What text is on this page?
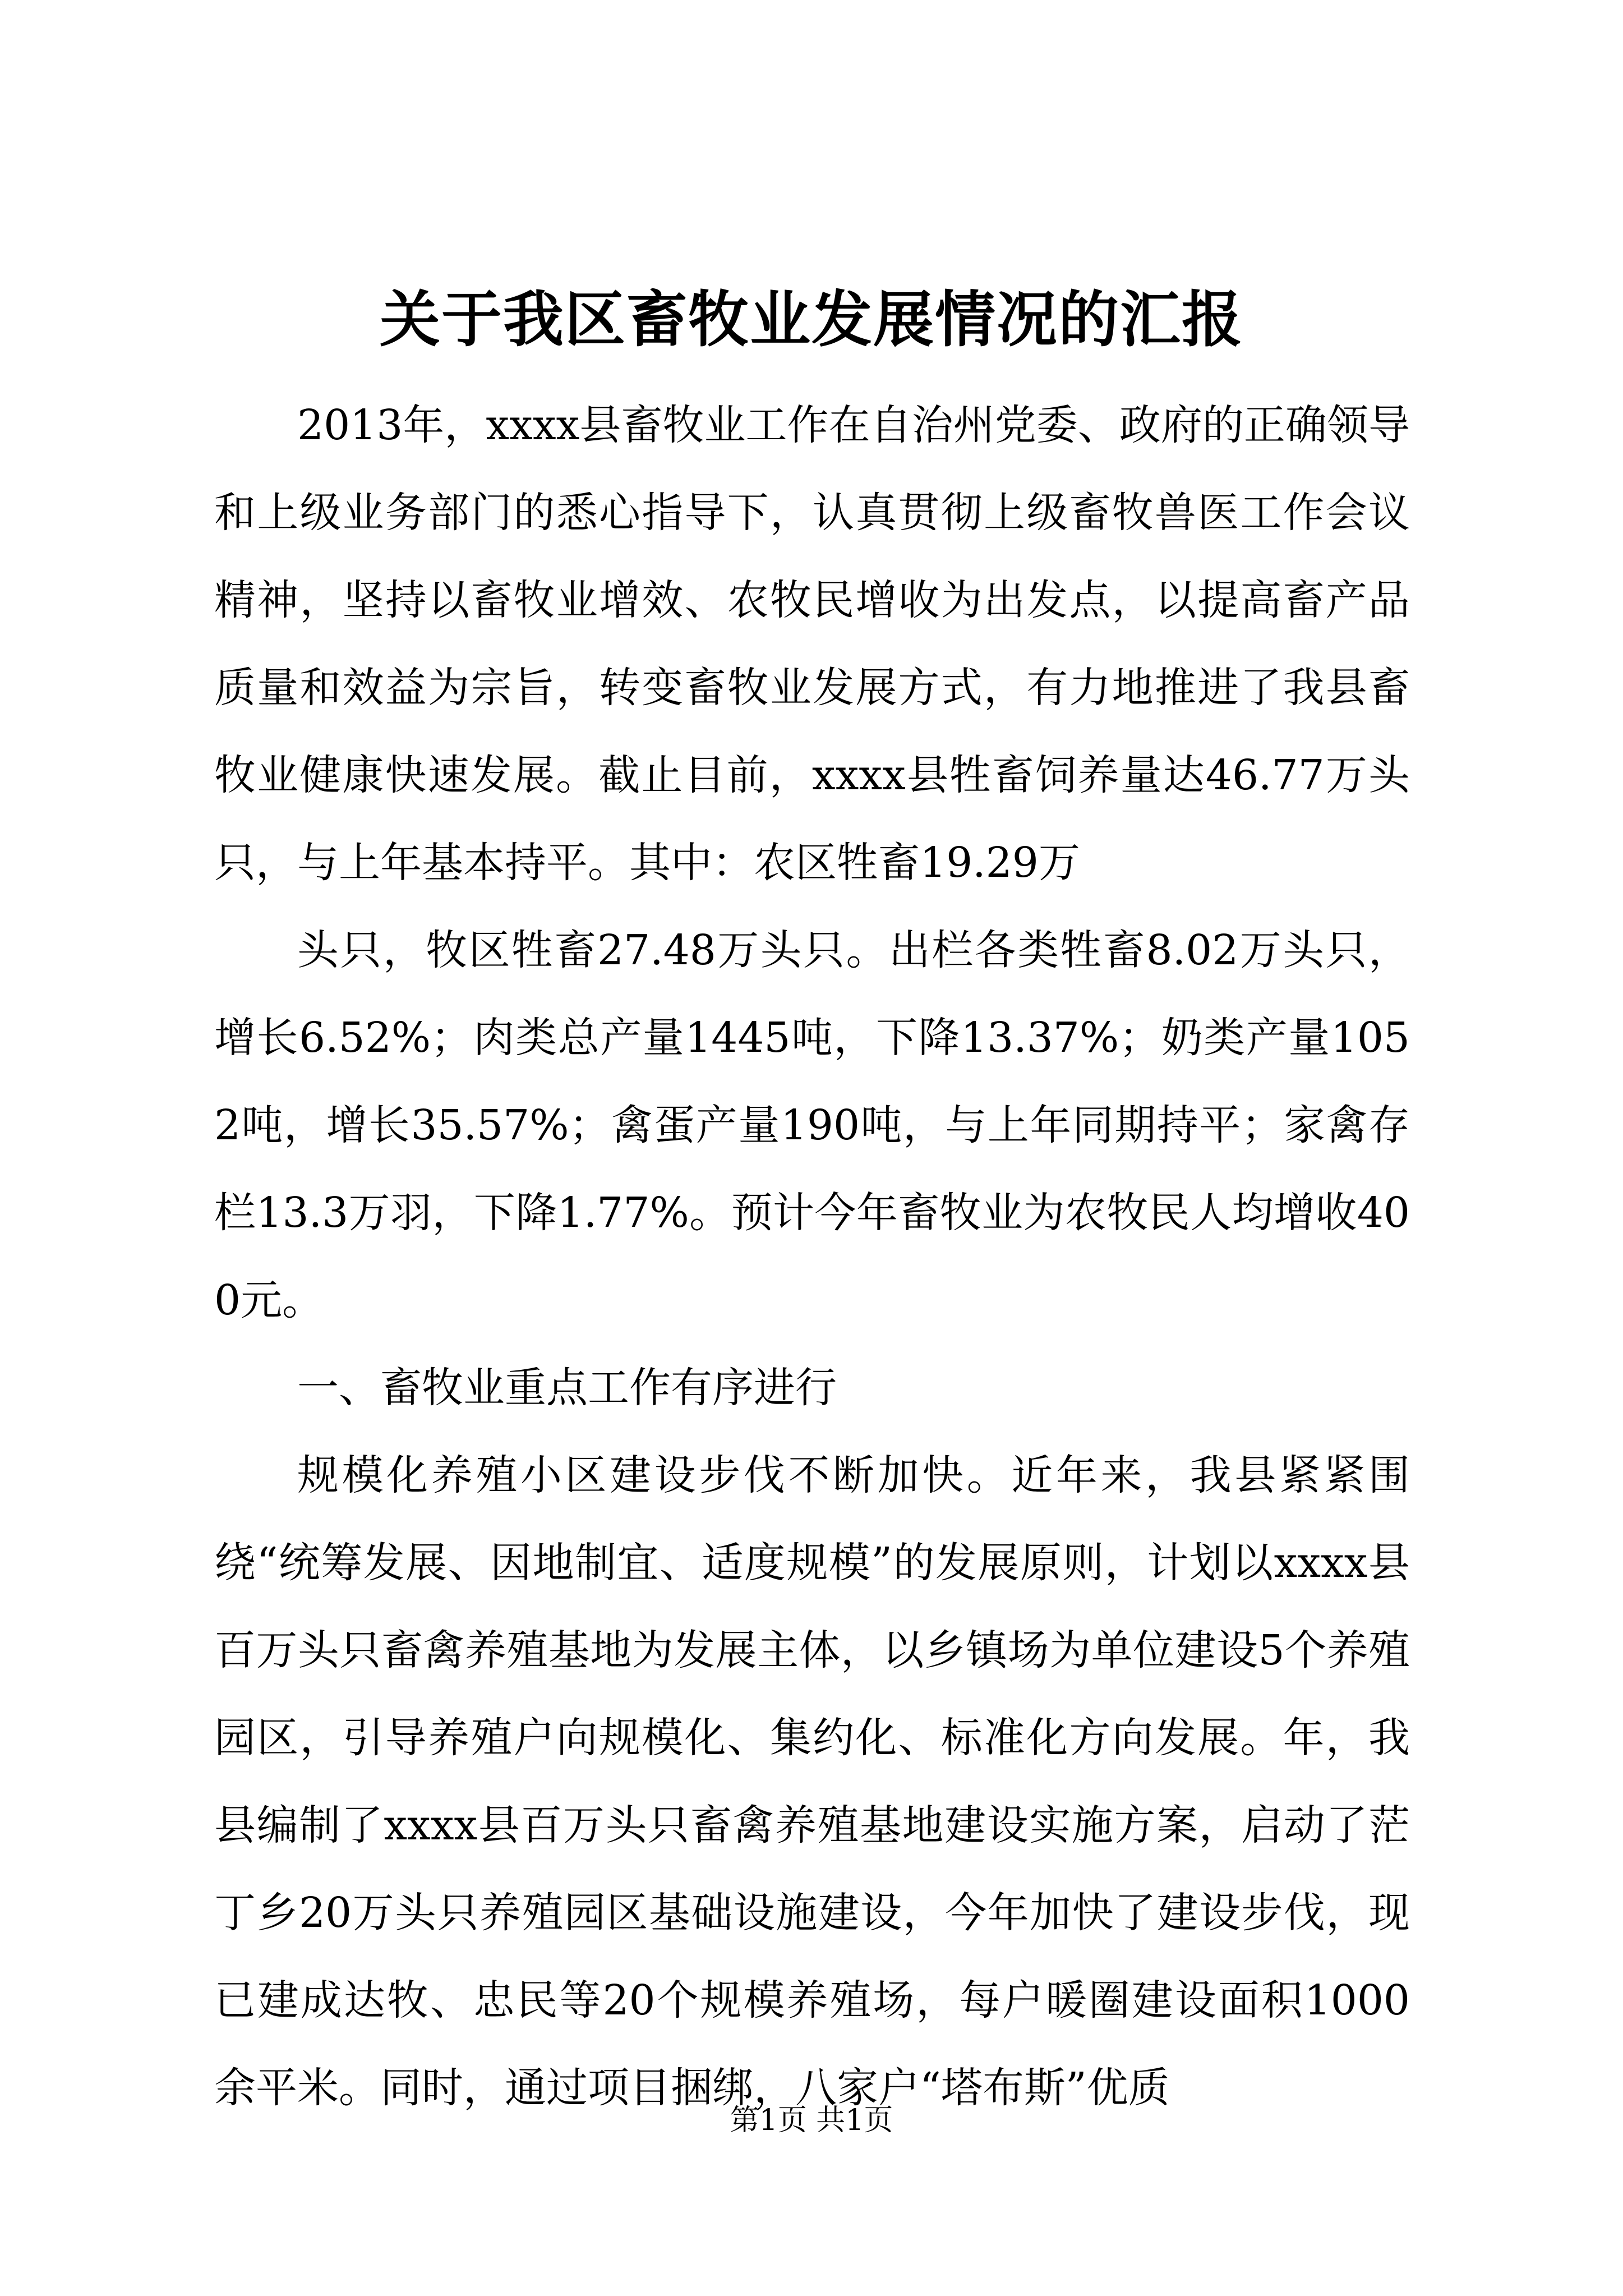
关于我区畜牧业发展情况的汇报

2013年，xxxx县畜牧业工作在自治州党委、政府的正确领导和上级业务部门的悉心指导下，认真贯彻上级畜牧兽医工作会议精神，坚持以畜牧业增效、农牧民增收为出发点，以提高畜产品质量和效益为宗旨，转变畜牧业发展方式，有力地推进了我县畜牧业健康快速发展。截止目前，xxxx县牲畜饲养量达46.77万头只，与上年基本持平。其中：农区牲畜19.29万

头只，牧区牲畜27.48万头只。出栏各类牲畜8.02万头只，增长6.52%；肉类总产量1445吨，下降13.37%；奶类产量1052吨，增长35.57%；禽蛋产量190吨，与上年同期持平；家禽存栏13.3万羽，下降1.77%。预计今年畜牧业为农牧民人均增收400元。

一、畜牧业重点工作有序进行

规模化养殖小区建设步伐不断加快。近年来，我县紧紧围绕“统筹发展、因地制宜、适度规模”的发展原则，计划以xxxx县百万头只畜禽养殖基地为发展主体，以乡镇场为单位建设5个养殖园区，引导养殖户向规模化、集约化、标准化方向发展。年，我县编制了xxxx县百万头只畜禽养殖基地建设实施方案，启动了茫丁乡20万头只养殖园区基础设施建设，今年加快了建设步伐，现已建成达牧、忠民等20个规模养殖场，每户暖圈建设面积1000余平米。同时，通过项目捆绑，八家户“塔布斯”优质

第1页 共1页
